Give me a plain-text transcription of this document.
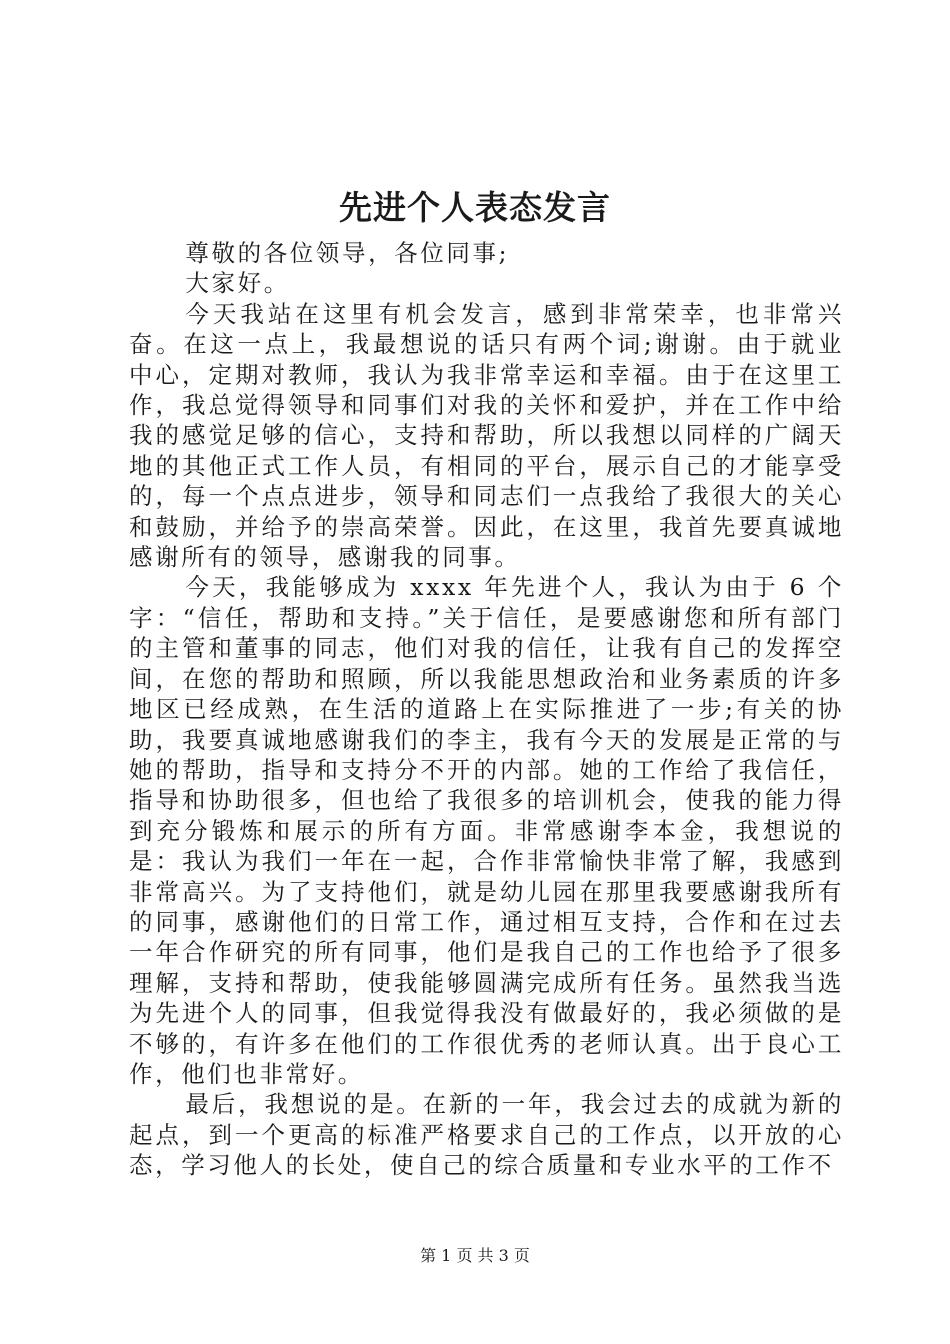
先进个人表态发言

尊敬的各位领导，各位同事;

大家好。

今天我站在这里有机会发言，感到非常荣幸，也非常兴奋。在这一点上，我最想说的话只有两个词;谢谢。由于就业中心，定期对教师，我认为我非常幸运和幸福。由于在这里工作，我总觉得领导和同事们对我的关怀和爱护，并在工作中给我的感觉足够的信心，支持和帮助，所以我想以同样的广阔天地的其他正式工作人员，有相同的平台，展示自己的才能享受的，每一个点点进步，领导和同志们一点我给了我很大的关心和鼓励，并给予的崇高荣誉。因此，在这里，我首先要真诚地感谢所有的领导，感谢我的同事。

今天，我能够成为 xxxx 年先进个人，我认为由于 6 个字：“信任，帮助和支持。”关于信任，是要感谢您和所有部门的主管和董事的同志，他们对我的信任，让我有自己的发挥空间，在您的帮助和照顾，所以我能思想政治和业务素质的许多地区已经成熟，在生活的道路上在实际推进了一步;有关的协助，我要真诚地感谢我们的李主，我有今天的发展是正常的与她的帮助，指导和支持分不开的内部。她的工作给了我信任，指导和协助很多，但也给了我很多的培训机会，使我的能力得到充分锻炼和展示的所有方面。非常感谢李本金，我想说的是：我认为我们一年在一起，合作非常愉快非常了解，我感到非常高兴。为了支持他们，就是幼儿园在那里我要感谢我所有的同事，感谢他们的日常工作，通过相互支持，合作和在过去一年合作研究的所有同事，他们是我自己的工作也给予了很多理解，支持和帮助，使我能够圆满完成所有任务。虽然我当选为先进个人的同事，但我觉得我没有做最好的，我必须做的是不够的，有许多在他们的工作很优秀的老师认真。出于良心工作，他们也非常好。

最后，我想说的是。在新的一年，我会过去的成就为新的起点，到一个更高的标准严格要求自己的工作点，以开放的心态，学习他人的长处，使自己的综合质量和专业水平的工作不

第 1 页 共 3 页
